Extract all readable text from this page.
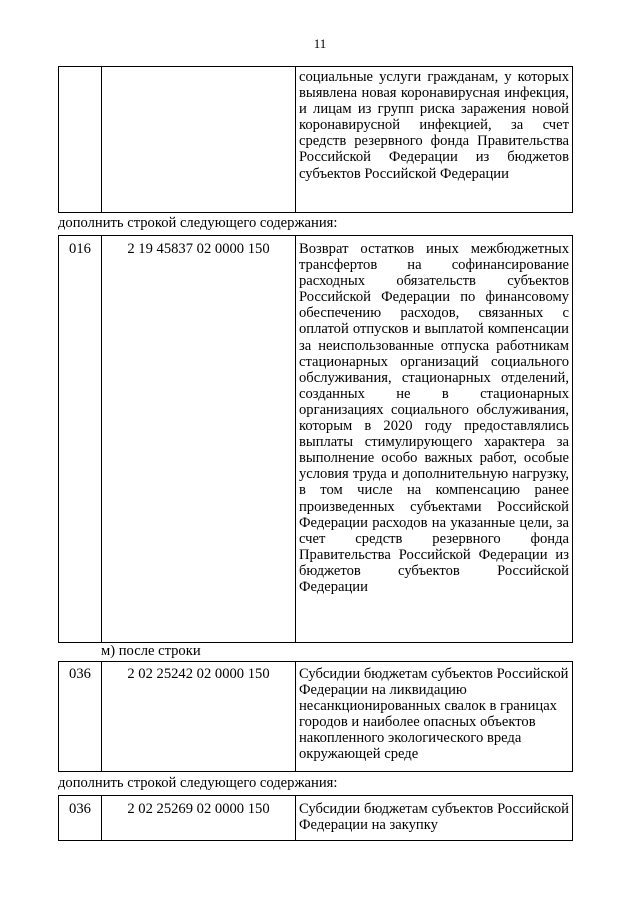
11
		социальные услуги гражданам, у которых выявлена новая коронавирусная инфекция, и лицам из групп риска заражения новой коронавирусной инфекцией, за счет средств резервного фонда Правительства Российской Федерации из бюджетов субъектов Российской Федерации
дополнить строкой следующего содержания:
016	2 19 45837 02 0000 150	Возврат остатков иных межбюджетных трансфертов на софинансирование расходных обязательств субъектов Российской Федерации по финансовому обеспечению расходов, связанных с оплатой отпусков и выплатой компенсации за неиспользованные отпуска работникам стационарных организаций социального обслуживания, стационарных отделений, созданных не в стационарных организациях социального обслуживания, которым в 2020 году предоставлялись выплаты стимулирующего характера за выполнение особо важных работ, особые условия труда и дополнительную нагрузку, в том числе на компенсацию ранее произведенных субъектами Российской Федерации расходов на указанные цели, за счет средств резервного фонда Правительства Российской Федерации из бюджетов субъектов Российской Федерации
м) после строки
036	2 02 25242 02 0000 150	Субсидии бюджетам субъектов Российской Федерации на ликвидацию несанкционированных свалок в границах городов и наиболее опасных объектов накопленного экологического вреда окружающей среде
дополнить строкой следующего содержания:
036	2 02 25269 02 0000 150	Субсидии бюджетам субъектов Российской Федерации на закупку
